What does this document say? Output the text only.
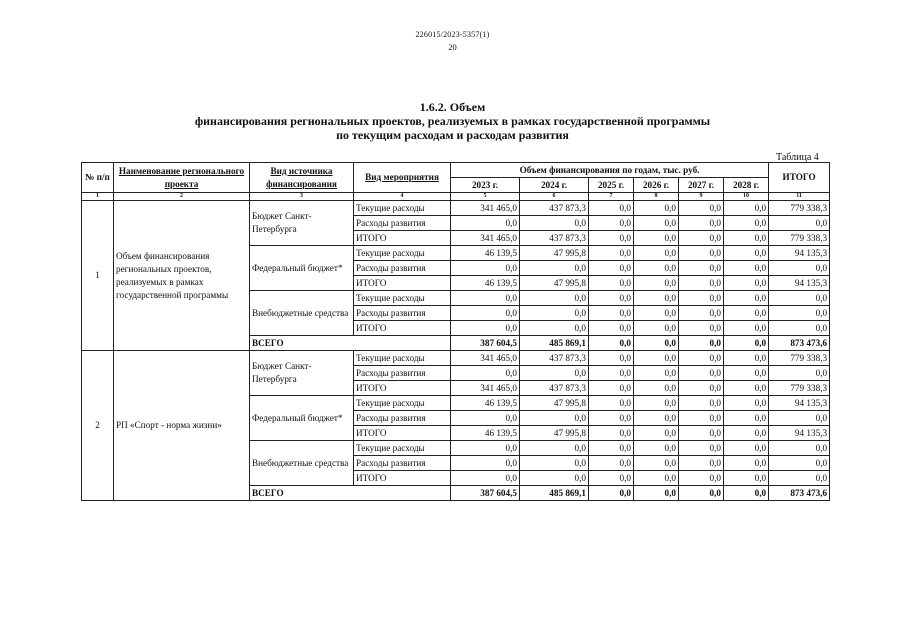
226015/2023-5357(1)
20
1.6.2. Объем
финансирования региональных проектов, реализуемых в рамках государственной программы
по текущим расходам и расходам развития
Таблица 4
№ п/п	Наименование регионального проекта	Вид источника финансирования	Вид мероприятия	Объем финансирования по годам, тыс. руб.						ИТОГО
				2023 г.	2024 г.	2025 г.	2026 г.	2027 г.	2028 г.	
1	2	3	4	5	6	7	8	9	10	11
1	Объем финансирования региональных проектов, реализуемых в рамках государственной программы	Бюджет Санкт-Петербурга	Текущие расходы	341 465,0	437 873,3	0,0	0,0	0,0	0,0	779 338,3
			Расходы развития	0,0	0,0	0,0	0,0	0,0	0,0	0,0
			ИТОГО	341 465,0	437 873,3	0,0	0,0	0,0	0,0	779 338,3
		Федеральный бюджет*	Текущие расходы	46 139,5	47 995,8	0,0	0,0	0,0	0,0	94 135,3
			Расходы развития	0,0	0,0	0,0	0,0	0,0	0,0	0,0
			ИТОГО	46 139,5	47 995,8	0,0	0,0	0,0	0,0	94 135,3
		Внебюджетные средства	Текущие расходы	0,0	0,0	0,0	0,0	0,0	0,0	0,0
			Расходы развития	0,0	0,0	0,0	0,0	0,0	0,0	0,0
			ИТОГО	0,0	0,0	0,0	0,0	0,0	0,0	0,0
		ВСЕГО		387 604,5	485 869,1	0,0	0,0	0,0	0,0	873 473,6
2	РП «Спорт - норма жизни»	Бюджет Санкт-Петербурга	Текущие расходы	341 465,0	437 873,3	0,0	0,0	0,0	0,0	779 338,3
			Расходы развития	0,0	0,0	0,0	0,0	0,0	0,0	0,0
			ИТОГО	341 465,0	437 873,3	0,0	0,0	0,0	0,0	779 338,3
		Федеральный бюджет*	Текущие расходы	46 139,5	47 995,8	0,0	0,0	0,0	0,0	94 135,3
			Расходы развития	0,0	0,0	0,0	0,0	0,0	0,0	0,0
			ИТОГО	46 139,5	47 995,8	0,0	0,0	0,0	0,0	94 135,3
		Внебюджетные средства	Текущие расходы	0,0	0,0	0,0	0,0	0,0	0,0	0,0
			Расходы развития	0,0	0,0	0,0	0,0	0,0	0,0	0,0
			ИТОГО	0,0	0,0	0,0	0,0	0,0	0,0	0,0
		ВСЕГО		387 604,5	485 869,1	0,0	0,0	0,0	0,0	873 473,6
